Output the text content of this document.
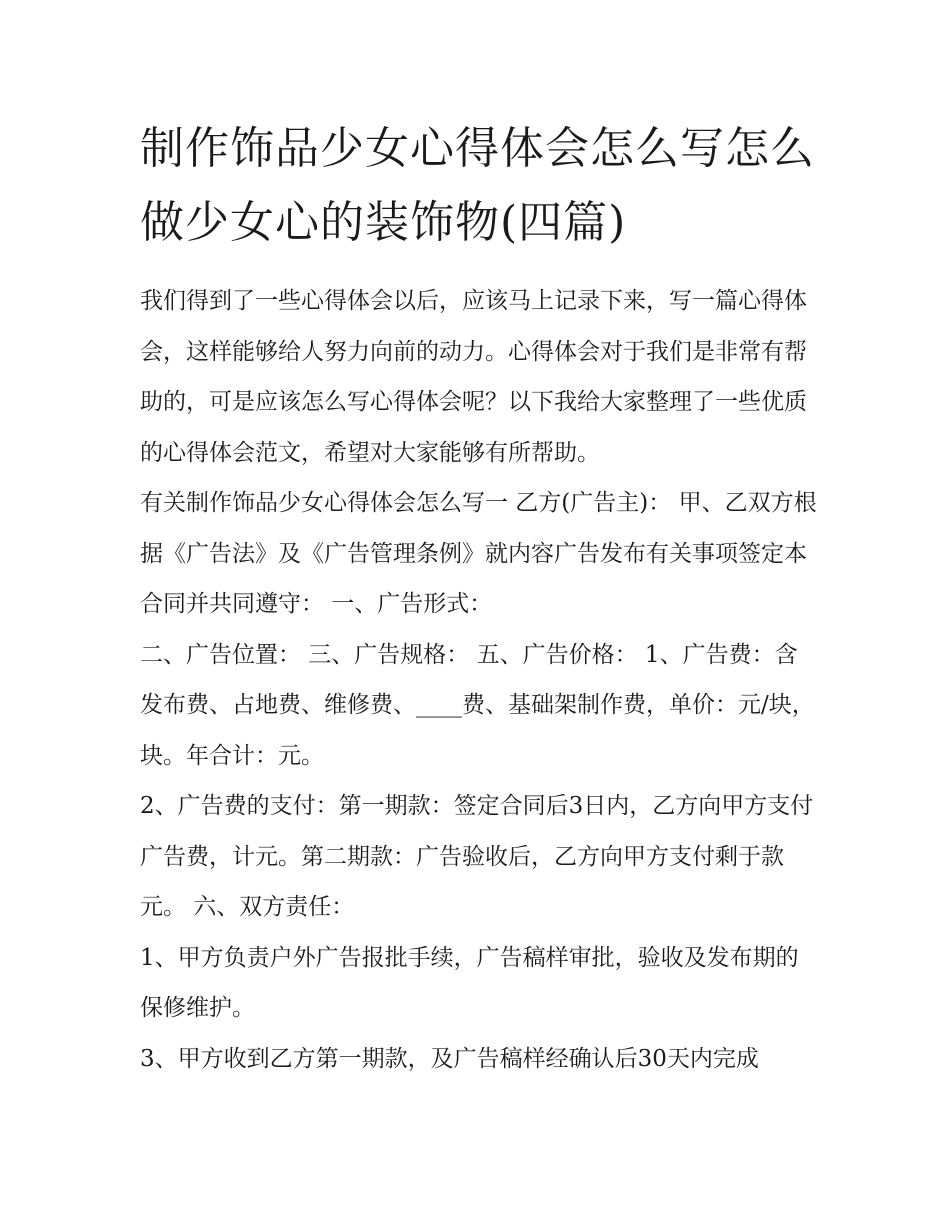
制作饰品少女心得体会怎么写怎么做少女心的装饰物(四篇)

我们得到了一些心得体会以后，应该马上记录下来，写一篇心得体会，这样能够给人努力向前的动力。心得体会对于我们是非常有帮助的，可是应该怎么写心得体会呢？以下我给大家整理了一些优质的心得体会范文，希望对大家能够有所帮助。

有关制作饰品少女心得体会怎么写一 乙方(广告主)： 甲、乙双方根据《广告法》及《广告管理条例》就内容广告发布有关事项签定本合同并共同遵守： 一、广告形式：

二、广告位置： 三、广告规格： 五、广告价格： 1、广告费：含发布费、占地费、维修费、____费、基础架制作费，单价：元/块，块。年合计：元。

2、广告费的支付：第一期款：签定合同后3日内，乙方向甲方支付广告费，计元。第二期款：广告验收后，乙方向甲方支付剩于款元。 六、双方责任：

1、甲方负责户外广告报批手续，广告稿样审批，验收及发布期的保修维护。

3、甲方收到乙方第一期款，及广告稿样经确认后30天内完成
